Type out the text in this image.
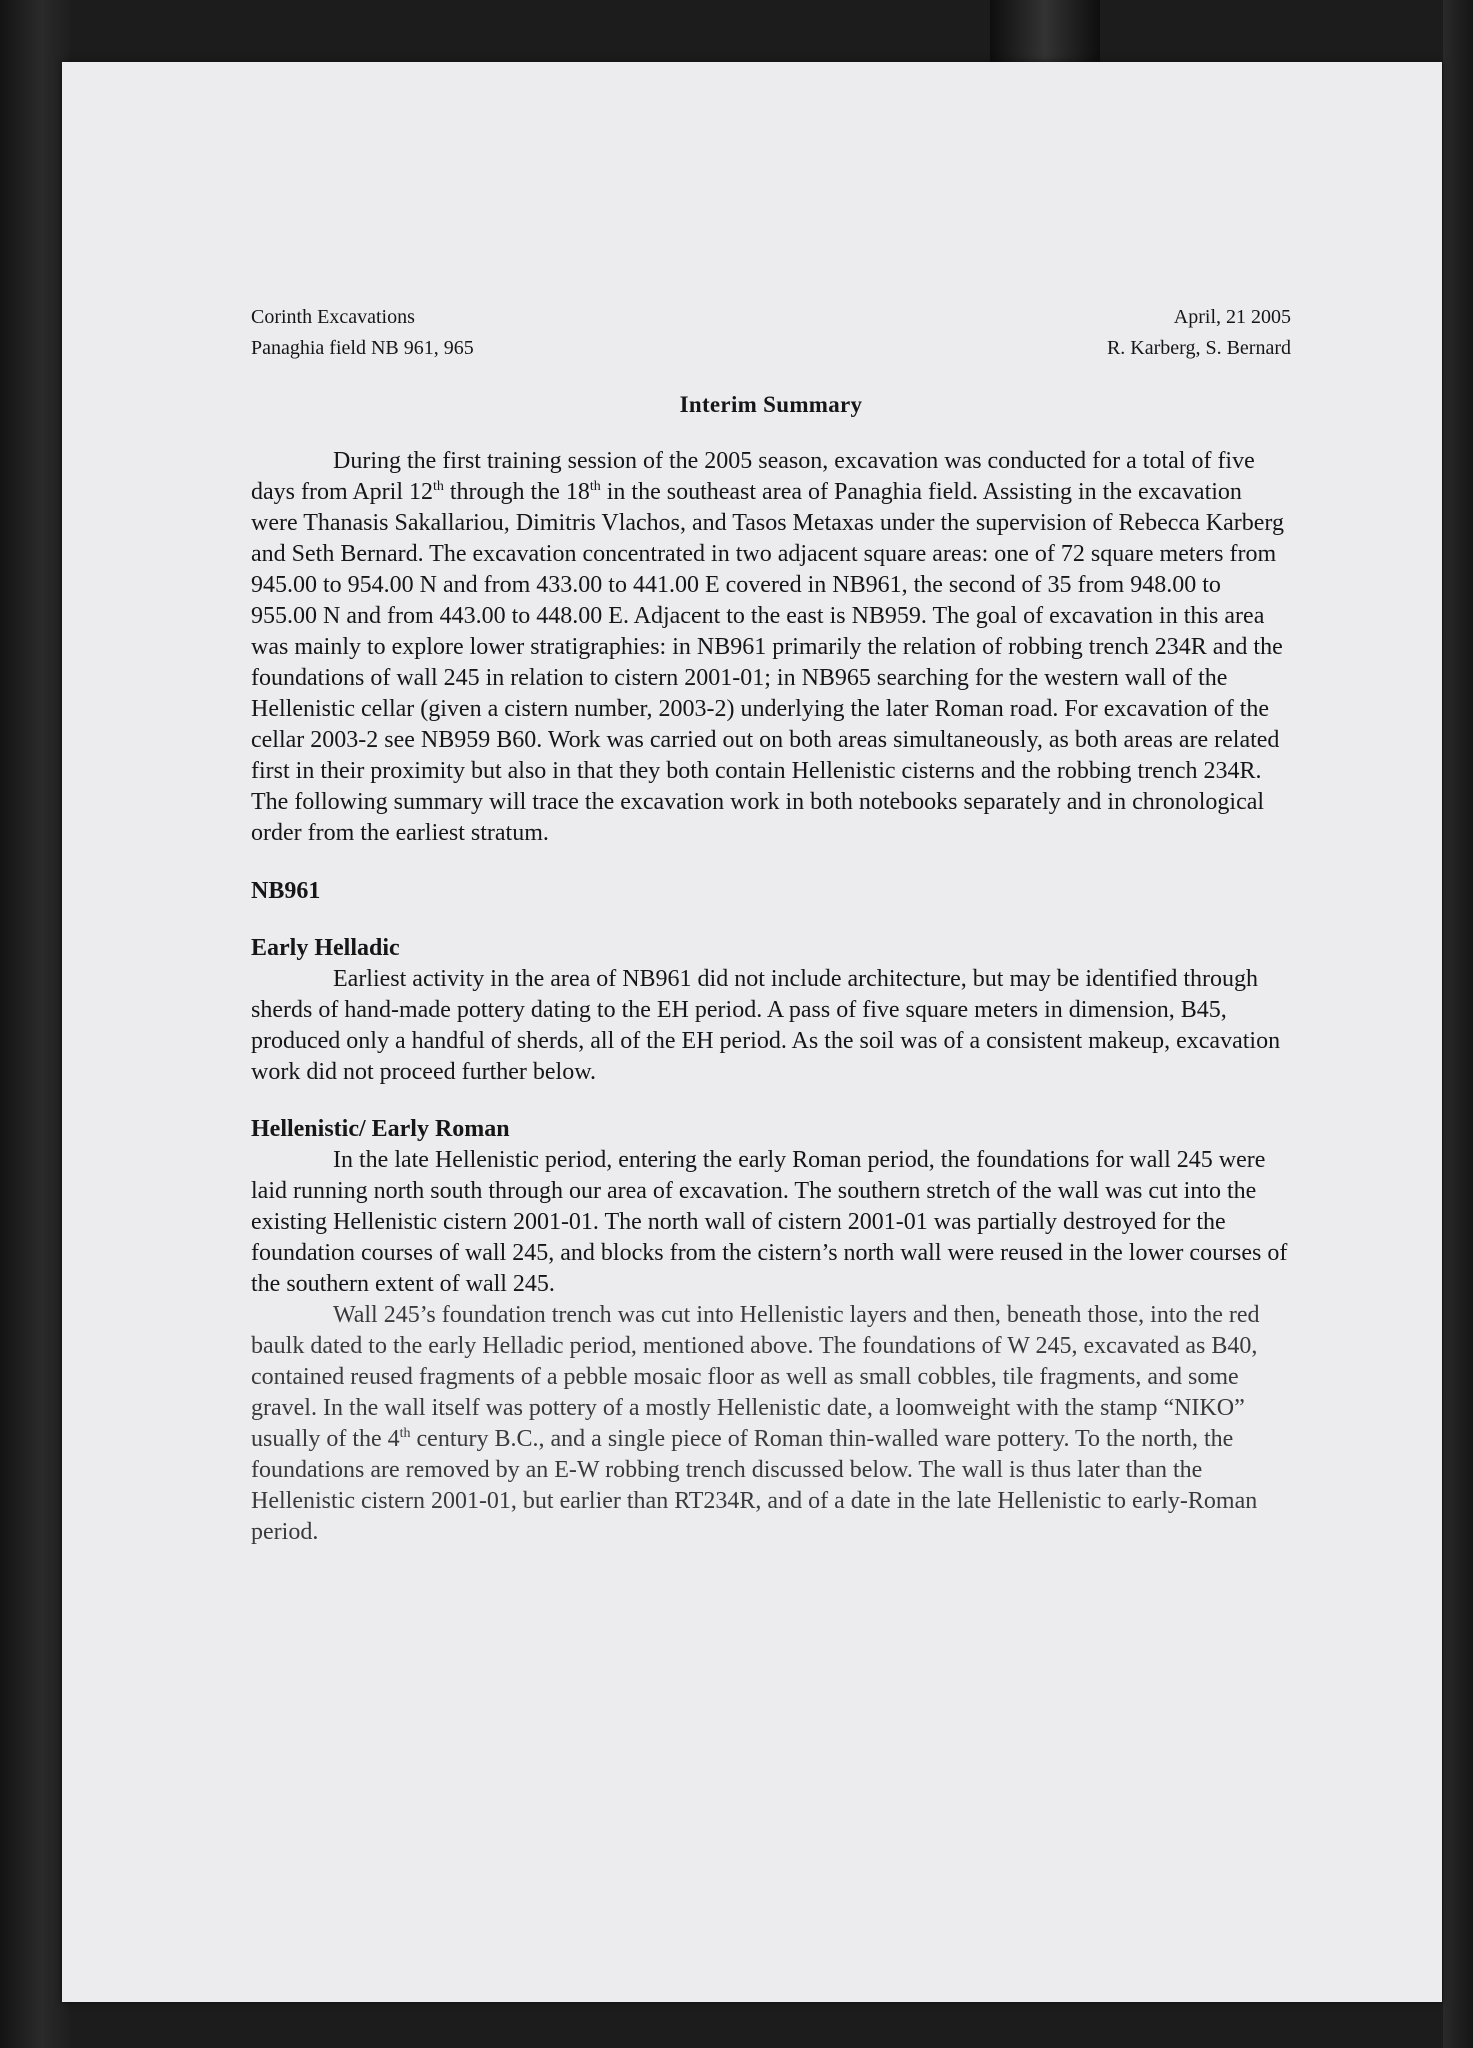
Corinth Excavations
Panaghia field NB 961, 965
April, 21 2005
R. Karberg, S. Bernard
Interim Summary

During the first training session of the 2005 season, excavation was conducted for a total of five days from April 12th through the 18th in the southeast area of Panaghia field. Assisting in the excavation were Thanasis Sakallariou, Dimitris Vlachos, and Tasos Metaxas under the supervision of Rebecca Karberg and Seth Bernard. The excavation concentrated in two adjacent square areas: one of 72 square meters from 945.00 to 954.00 N and from 433.00 to 441.00 E covered in NB961, the second of 35 from 948.00 to 955.00 N and from 443.00 to 448.00 E. Adjacent to the east is NB959. The goal of excavation in this area was mainly to explore lower stratigraphies: in NB961 primarily the relation of robbing trench 234R and the foundations of wall 245 in relation to cistern 2001-01; in NB965 searching for the western wall of the Hellenistic cellar (given a cistern number, 2003-2) underlying the later Roman road. For excavation of the cellar 2003-2 see NB959 B60. Work was carried out on both areas simultaneously, as both areas are related first in their proximity but also in that they both contain Hellenistic cisterns and the robbing trench 234R. The following summary will trace the excavation work in both notebooks separately and in chronological order from the earliest stratum.

NB961
Early Helladic

Earliest activity in the area of NB961 did not include architecture, but may be identified through sherds of hand-made pottery dating to the EH period. A pass of five square meters in dimension, B45, produced only a handful of sherds, all of the EH period. As the soil was of a consistent makeup, excavation work did not proceed further below.

Hellenistic/ Early Roman

In the late Hellenistic period, entering the early Roman period, the foundations for wall 245 were laid running north south through our area of excavation. The southern stretch of the wall was cut into the existing Hellenistic cistern 2001-01. The north wall of cistern 2001-01 was partially destroyed for the foundation courses of wall 245, and blocks from the cistern’s north wall were reused in the lower courses of the southern extent of wall 245.

Wall 245’s foundation trench was cut into Hellenistic layers and then, beneath those, into the red baulk dated to the early Helladic period, mentioned above. The foundations of W 245, excavated as B40, contained reused fragments of a pebble mosaic floor as well as small cobbles, tile fragments, and some gravel. In the wall itself was pottery of a mostly Hellenistic date, a loomweight with the stamp “NIKO” usually of the 4th century B.C., and a single piece of Roman thin-walled ware pottery. To the north, the foundations are removed by an E-W robbing trench discussed below. The wall is thus later than the Hellenistic cistern 2001-01, but earlier than RT234R, and of a date in the late Hellenistic to early-Roman period.
